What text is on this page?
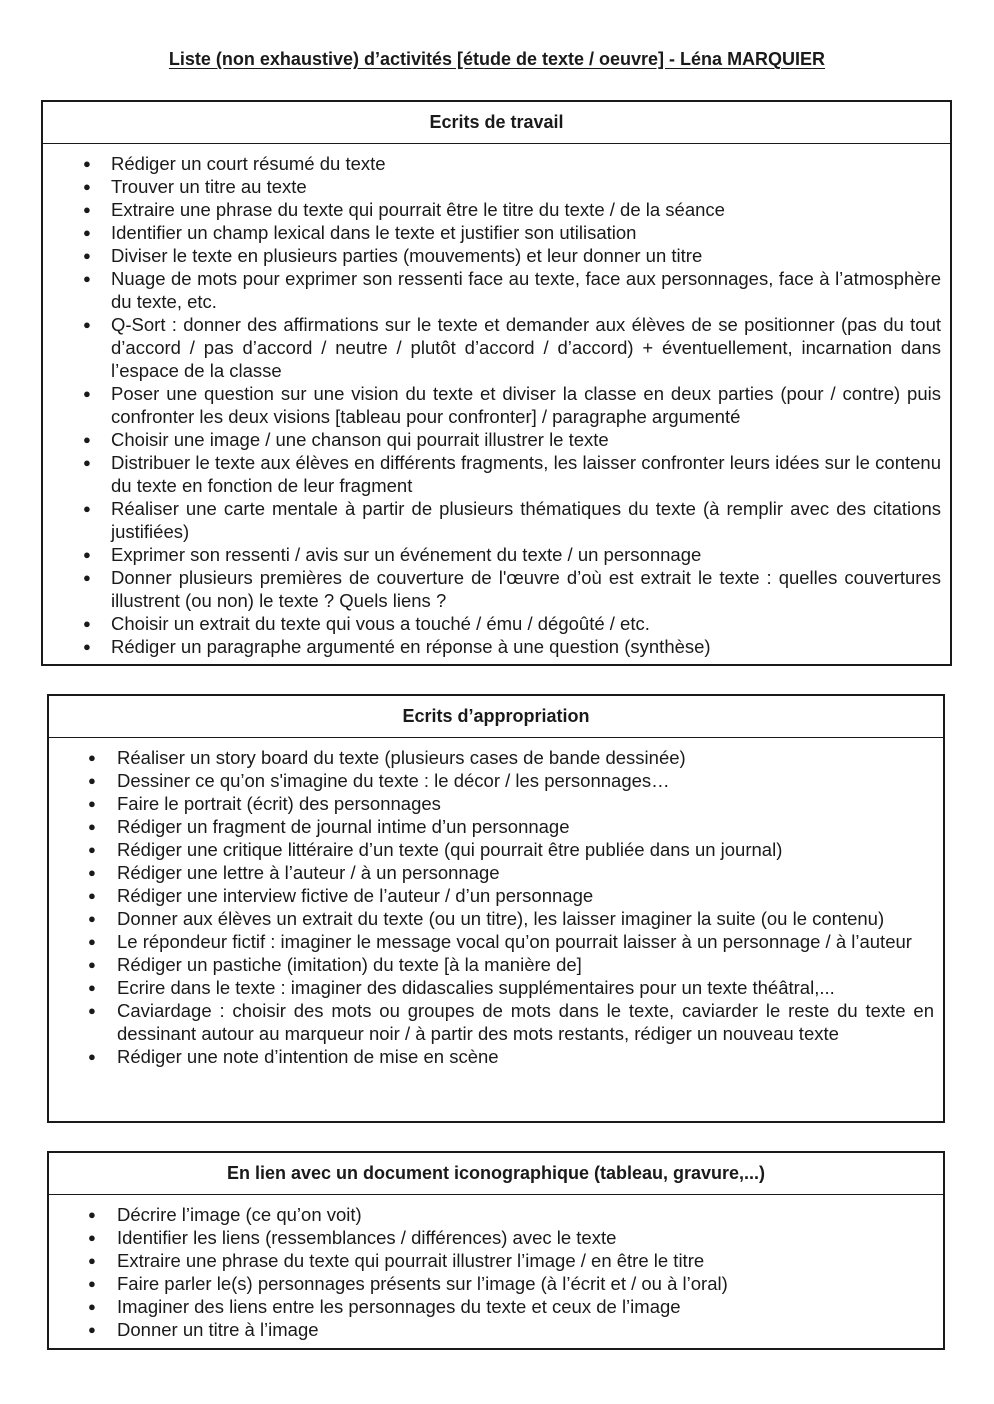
Liste (non exhaustive) d’activités [étude de texte / oeuvre] - Léna MARQUIER
Ecrits de travail
● Rédiger un court résumé du texte
● Trouver un titre au texte
● Extraire une phrase du texte qui pourrait être le titre du texte / de la séance
● Identifier un champ lexical dans le texte et justifier son utilisation
● Diviser le texte en plusieurs parties (mouvements) et leur donner un titre
● Nuage de mots pour exprimer son ressenti face au texte, face aux personnages, face à l’atmosphère du texte, etc.
● Q-Sort : donner des affirmations sur le texte et demander aux élèves de se positionner (pas du tout d’accord / pas d’accord / neutre / plutôt d’accord / d’accord) + éventuellement, incarnation dans l’espace de la classe
● Poser une question sur une vision du texte et diviser la classe en deux parties (pour / contre) puis confronter les deux visions [tableau pour confronter] / paragraphe argumenté
● Choisir une image / une chanson qui pourrait illustrer le texte
● Distribuer le texte aux élèves en différents fragments, les laisser confronter leurs idées sur le contenu du texte en fonction de leur fragment
● Réaliser une carte mentale à partir de plusieurs thématiques du texte (à remplir avec des citations justifiées)
● Exprimer son ressenti / avis sur un événement du texte / un personnage
● Donner plusieurs premières de couverture de l'œuvre d’où est extrait le texte : quelles couvertures illustrent (ou non) le texte ? Quels liens ?
● Choisir un extrait du texte qui vous a touché / ému / dégoûté / etc.
● Rédiger un paragraphe argumenté en réponse à une question (synthèse)
Ecrits d’appropriation
● Réaliser un story board du texte (plusieurs cases de bande dessinée)
● Dessiner ce qu’on s'imagine du texte : le décor / les personnages…
● Faire le portrait (écrit) des personnages
● Rédiger un fragment de journal intime d’un personnage
● Rédiger une critique littéraire d’un texte (qui pourrait être publiée dans un journal)
● Rédiger une lettre à l’auteur / à un personnage
● Rédiger une interview fictive de l’auteur / d’un personnage
● Donner aux élèves un extrait du texte (ou un titre), les laisser imaginer la suite (ou le contenu)
● Le répondeur fictif : imaginer le message vocal qu’on pourrait laisser à un personnage / à l’auteur
● Rédiger un pastiche (imitation) du texte [à la manière de]
● Ecrire dans le texte : imaginer des didascalies supplémentaires pour un texte théâtral,...
● Caviardage : choisir des mots ou groupes de mots dans le texte, caviarder le reste du texte en dessinant autour au marqueur noir / à partir des mots restants, rédiger un nouveau texte
● Rédiger une note d’intention de mise en scène
En lien avec un document iconographique (tableau, gravure,...)
● Décrire l’image (ce qu’on voit)
● Identifier les liens (ressemblances / différences) avec le texte
● Extraire une phrase du texte qui pourrait illustrer l’image / en être le titre
● Faire parler le(s) personnages présents sur l’image (à l’écrit et / ou à l’oral)
● Imaginer des liens entre les personnages du texte et ceux de l’image
● Donner un titre à l’image
